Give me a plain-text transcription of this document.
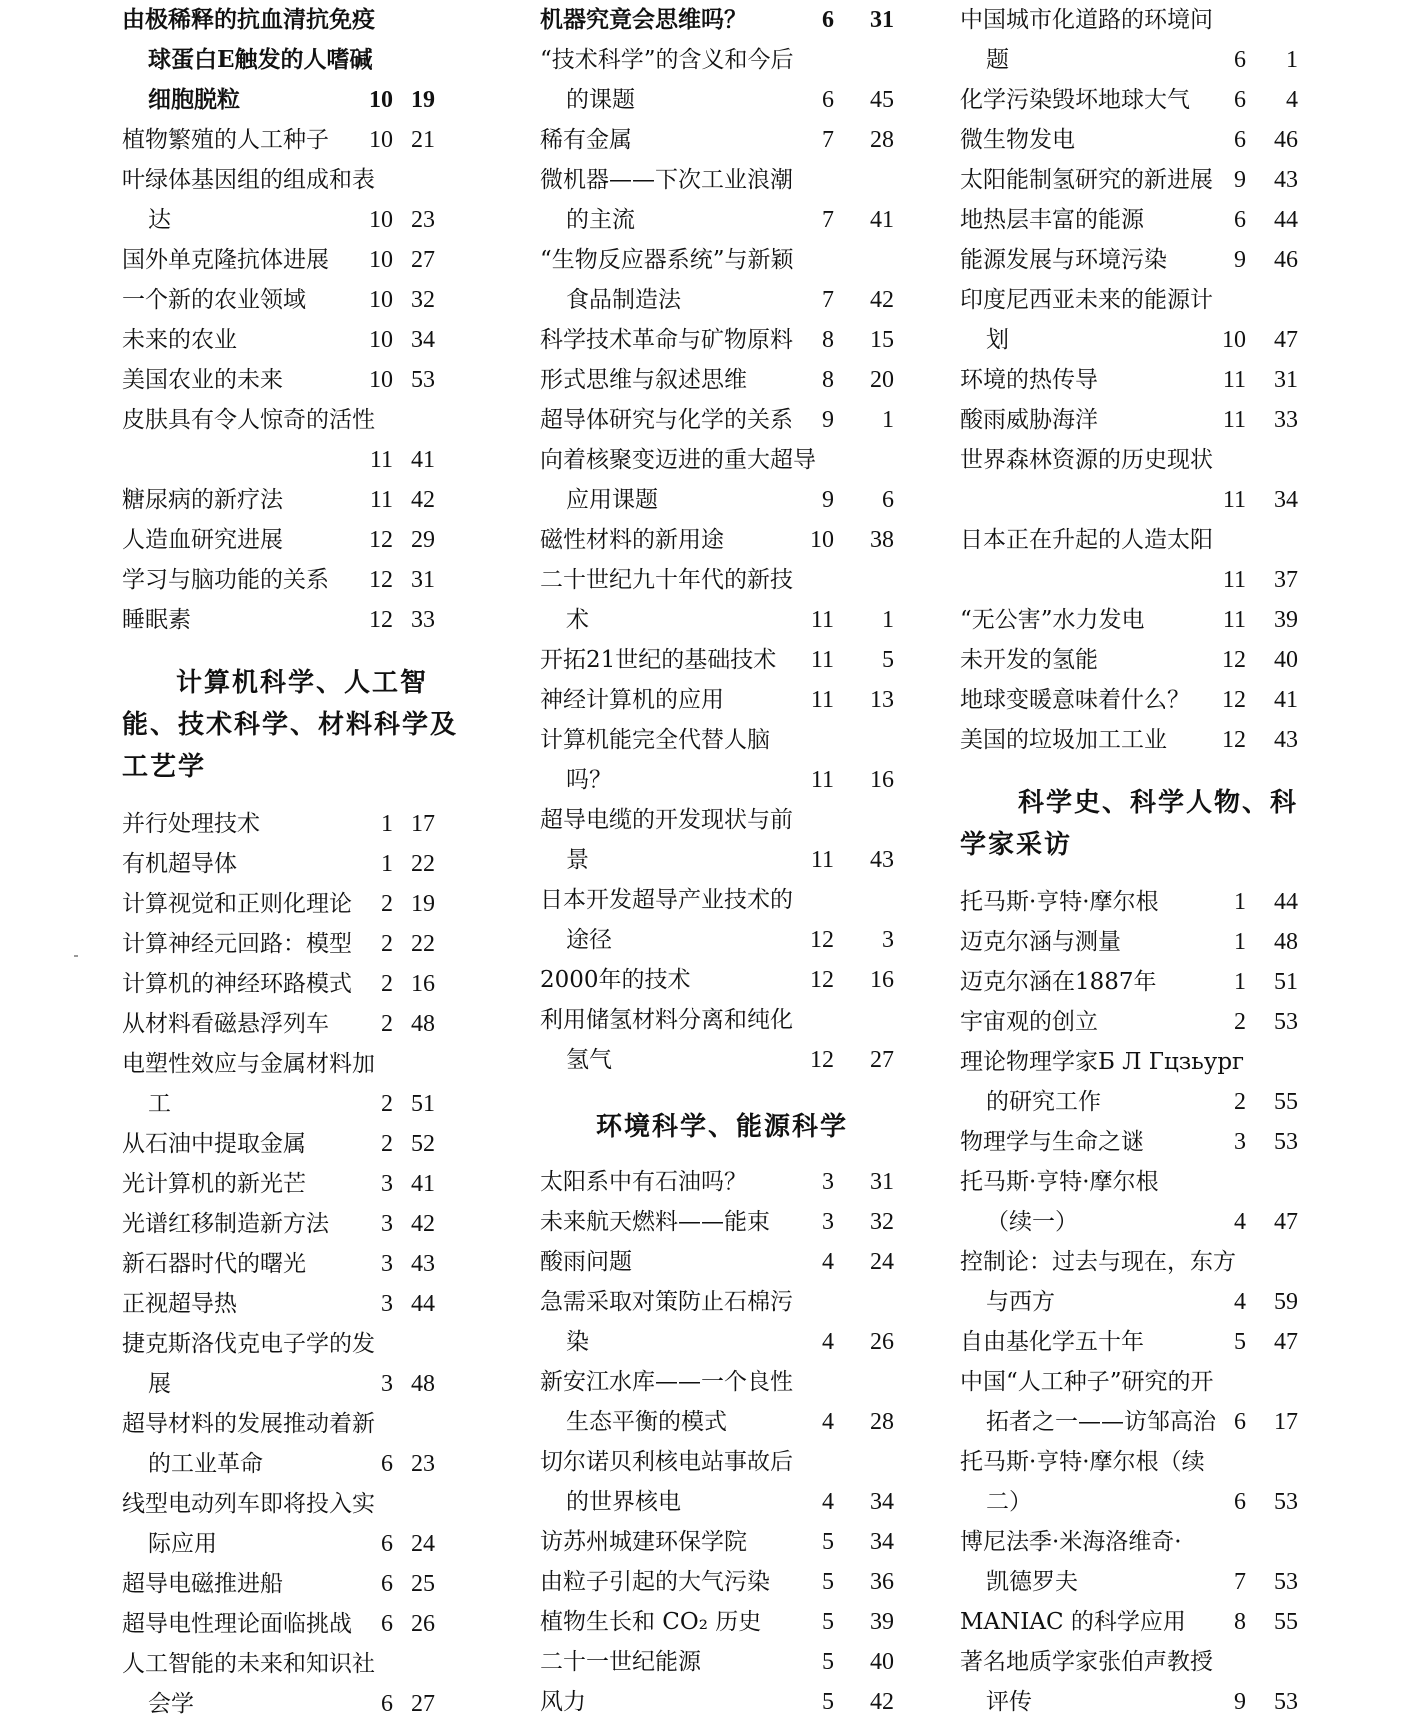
由极稀释的抗血清抗免疫
球蛋白E触发的人嗜碱
细胞脱粒	10 19
植物繁殖的人工种子	10 21
叶绿体基因组的组成和表
达	10 23
国外单克隆抗体进展	10 27
一个新的农业领域	10 32
未来的农业	10 34
美国农业的未来	10 53
皮肤具有令人惊奇的活性
11 41
糖尿病的新疗法	11 42
人造血研究进展	12 29
学习与脑功能的关系	12 31
睡眠素	12 33
计算机科学、人工智能、技术科学、材料科学及工艺学
并行处理技术	1 17
有机超导体	1 22
计算视觉和正则化理论	2 19
计算神经元回路：模型	2 22
计算机的神经环路模式	2 16
从材料看磁悬浮列车	2 48
电塑性效应与金属材料加
工	2 51
从石油中提取金属	2 52
光计算机的新光芒	3 41
光谱红移制造新方法	3 42
新石器时代的曙光	3 43
正视超导热	3 44
捷克斯洛伐克电子学的发
展	3 48
超导材料的发展推动着新
的工业革命	6 23
线型电动列车即将投入实
际应用	6 24
超导电磁推进船	6 25
超导电性理论面临挑战	6 26
人工智能的未来和知识社
会学	6 27
机器究竟会思维吗？	6	31
“技术科学”的含义和今后
的课题	6	45
稀有金属	7	28
微机器——下次工业浪潮
的主流	7	41
“生物反应器系统”与新颖
食品制造法	7	42
科学技术革命与矿物原料	8	15
形式思维与叙述思维	8	20
超导体研究与化学的关系	9	1
向着核聚变迈进的重大超导
应用课题	9	6
磁性材料的新用途	10	38
二十世纪九十年代的新技
术	11	1
开拓21世纪的基础技术	11	5
神经计算机的应用	11	13
计算机能完全代替人脑
吗？	11	16
超导电缆的开发现状与前
景	11	43
日本开发超导产业技术的
途径	12	3
2000年的技术	12	16
利用储氢材料分离和纯化
氢气	12	27
环境科学、能源科学
太阳系中有石油吗？	3	31
未来航天燃料——能束	3	32
酸雨问题	4	24
急需采取对策防止石棉污
染	4	26
新安江水库——一个良性
生态平衡的模式	4	28
切尔诺贝利核电站事故后
的世界核电	4	34
访苏州城建环保学院	5	34
由粒子引起的大气污染	5	36
植物生长和 CO₂ 历史	5	39
二十一世纪能源	5	40
风力	5	42
中国城市化道路的环境问
题	6	1
化学污染毁坏地球大气	6	4
微生物发电	6	46
太阳能制氢研究的新进展 9	43
地热层丰富的能源	6	44
能源发展与环境污染	9	46
印度尼西亚未来的能源计
划	10	47
环境的热传导	11	31
酸雨威胁海洋	11	33
世界森林资源的历史现状
11	34
日本正在升起的人造太阳
11	37
“无公害”水力发电	11	39
未开发的氢能	12	40
地球变暖意味着什么？	12	41
美国的垃圾加工工业	12	43
科学史、科学人物、科学家采访
托马斯·亨特·摩尔根	1	44
迈克尔涵与测量	1	48
迈克尔涵在1887年	1	51
宇宙观的创立	2	53
理论物理学家Б Л Гцзьург
的研究工作	2	55
物理学与生命之谜	3	53
托马斯·亨特·摩尔根
（续一）	4	47
控制论：过去与现在，东方
与西方	4	59
自由基化学五十年	5	47
中国“人工种子”研究的开
拓者之一——访邹高治 6	17
托马斯·亨特·摩尔根（续
二）	6	53
博尼法季·米海洛维奇·
凯德罗夫	7	53
MANIAC 的科学应用	8	55
著名地质学家张伯声教授
评传	9	53
